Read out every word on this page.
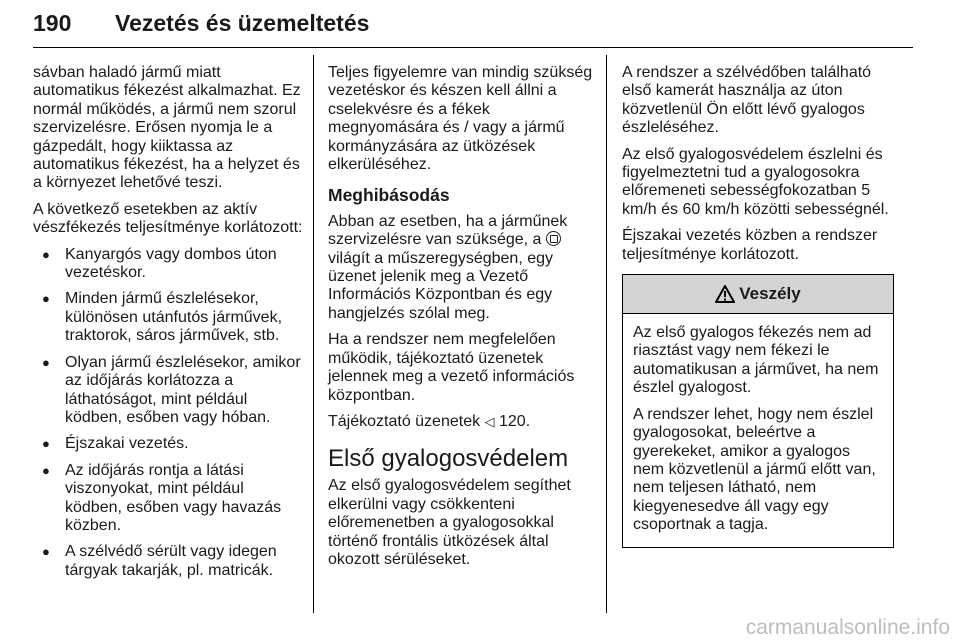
190 Vezetés és üzemeltetés

sávban haladó jármű miatt automatikus fékezést alkalmazhat. Ez normál működés, a jármű nem szorul szervizelésre. Erősen nyomja le a gázpedált, hogy kiiktassa az automatikus fékezést, ha a helyzet és a környezet lehetővé teszi.

A következő esetekben az aktív vészfékezés teljesítménye korlátozott:

● Kanyargós vagy dombos úton vezetéskor.
● Minden jármű észlelésekor, különösen utánfutós járművek, traktorok, sáros járművek, stb.
● Olyan jármű észlelésekor, amikor az időjárás korlátozza a láthatóságot, mint például ködben, esőben vagy hóban.
● Éjszakai vezetés.
● Az időjárás rontja a látási viszonyokat, mint például ködben, esőben vagy havazás közben.
● A szélvédő sérült vagy idegen tárgyak takarják, pl. matricák.

Teljes figyelemre van mindig szükség vezetéskor és készen kell állni a cselekvésre és a fékek megnyomására és / vagy a jármű kormányzására az ütközések elkerüléséhez.

Meghibásodás

Abban az esetben, ha a járműnek szervizelésre van szüksége, a  világít a műszeregységben, egy üzenet jelenik meg a Vezető Információs Központban és egy hangjelzés szólal meg.

Ha a rendszer nem megfelelően működik, tájékoztató üzenetek jelennek meg a vezető információs központban.

Tájékoztató üzenetek ◁ 120.

Első gyalogosvédelem

Az első gyalogosvédelem segíthet elkerülni vagy csökkenteni előremenetben a gyalogosokkal történő frontális ütközések által okozott sérüléseket.

A rendszer a szélvédőben található első kamerát használja az úton közvetlenül Ön előtt lévő gyalogos észleléséhez.

Az első gyalogosvédelem észlelni és figyelmeztetni tud a gyalogosokra előremeneti sebességfokozatban 5 km/h és 60 km/h közötti sebességnél.

Éjszakai vezetés közben a rendszer teljesítménye korlátozott.

Veszély

Az első gyalogos fékezés nem ad riasztást vagy nem fékezi le automatikusan a járművet, ha nem észlel gyalogost.

A rendszer lehet, hogy nem észlel gyalogosokat, beleértve a gyerekeket, amikor a gyalogos nem közvetlenül a jármű előtt van, nem teljesen látható, nem kiegyenesedve áll vagy egy csoportnak a tagja.

carmanualsonline.info
